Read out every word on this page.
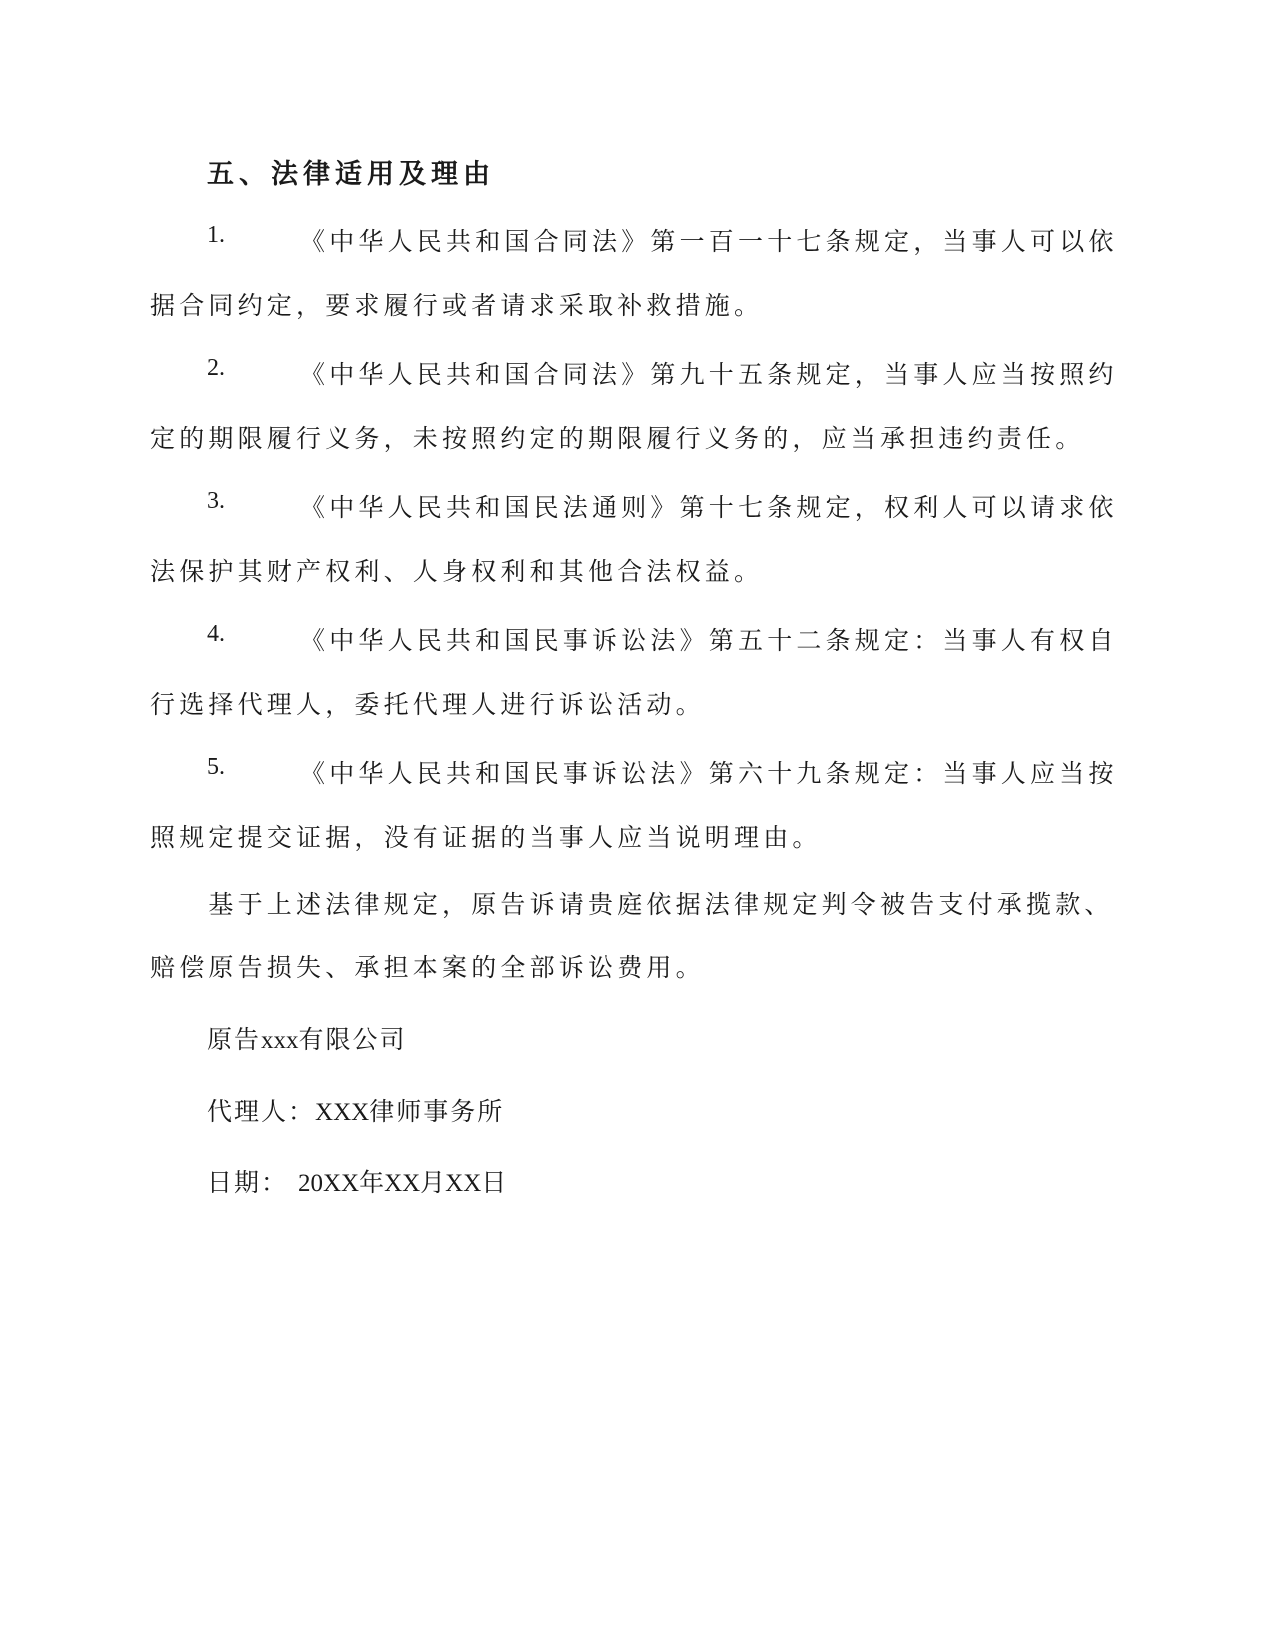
五、法律适用及理由
1.	《中华人民共和国合同法》第一百一十七条规定，当事人可以依
据合同约定，要求履行或者请求采取补救措施。
2.	《中华人民共和国合同法》第九十五条规定，当事人应当按照约
定的期限履行义务，未按照约定的期限履行义务的，应当承担违约责任。
3.	《中华人民共和国民法通则》第十七条规定，权利人可以请求依
法保护其财产权利、人身权利和其他合法权益。
4.	《中华人民共和国民事诉讼法》第五十二条规定：当事人有权自
行选择代理人，委托代理人进行诉讼活动。
5.	《中华人民共和国民事诉讼法》第六十九条规定：当事人应当按
照规定提交证据，没有证据的当事人应当说明理由。
　　基于上述法律规定，原告诉请贵庭依据法律规定判令被告支付承揽款、
赔偿原告损失、承担本案的全部诉讼费用。
原告xxx有限公司
代理人：XXX律师事务所
日期： 20XX年XX月XX日
